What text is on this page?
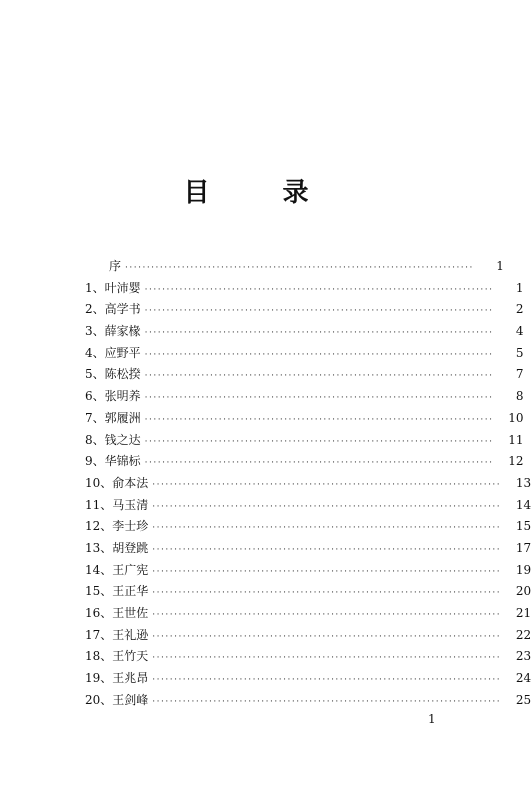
目 录
序 ················································································	1
1、叶沛婴 ················································································	1
2、高学书 ················································································	2
3、薛家椽 ················································································	4
4、应野平 ················································································	5
5、陈松揆 ················································································	7
6、张明养 ················································································	8
7、郭履洲 ················································································	10
8、钱之达 ················································································	11
9、华锦标 ················································································	12
10、俞本法 ················································································	13
11、马玉清 ················································································	14
12、李士珍 ················································································	15
13、胡登跳 ················································································	17
14、王广宪 ················································································	19
15、王正华 ················································································	20
16、王世佐 ················································································	21
17、王礼逊 ················································································	22
18、王竹天 ················································································	23
19、王兆昂 ················································································	24
20、王剑峰 ················································································	25
1
